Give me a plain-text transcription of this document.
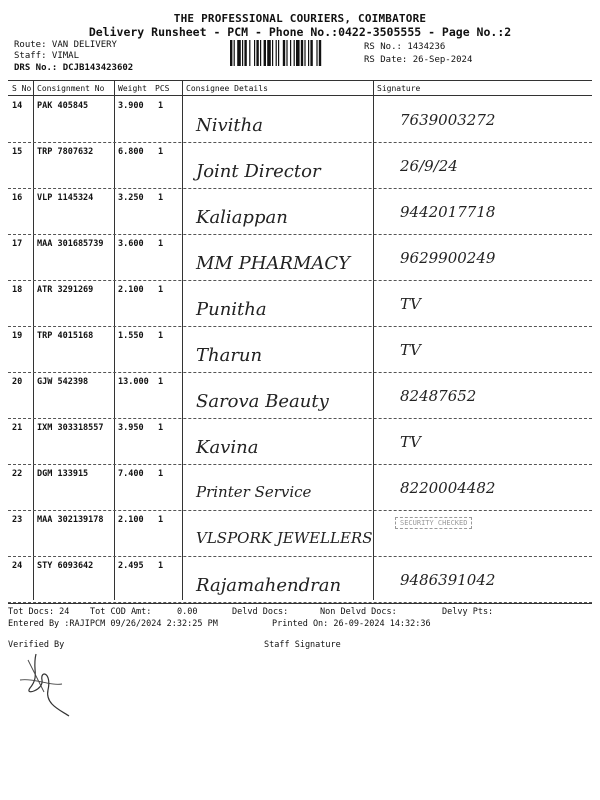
THE PROFESSIONAL COURIERS, COIMBATORE
Delivery Runsheet - PCM - Phone No.:0422-3505555 - Page No.:2
Route: VAN DELIVERY
Staff: VIMAL
DRS No.: DCJB143423602
RS No.: 1434236
RS Date: 26-Sep-2024
S No Consignment No Weight PCS Consignee Details	Signature
14 PAK 405845	3.900 1
Nivitha	7639003272
15 TRP 7807632	6.800 1
Joint Director	26/9/24
16 VLP 1145324	3.250 1
Kaliappan	9442017718
17 MAA 301685739 3.600 1
MM PHARMACY	9629900249
18 ATR 3291269	2.100 1
Punitha	TV
19 TRP 4015168	1.550 1
Tharun	TV
20 GJW 542398	13.000 1
Sarova Beauty	82487652
21 IXM 303318557 3.950 1
Kavina	TV
22 DGM 133915	7.400 1
Printer Service	8220004482
23 MAA 302139178 2.100 1
VLSPORK JEWELLERS
SECURITY CHECKED
24 STY 6093642	2.495 1
Rajamahendran	9486391042
Tot Docs: 24 Tot COD Amt:     0.00	Delvd Docs:	Non Delvd Docs:	Delvy Pts:
Entered By :RAJIPCM 09/26/2024 2:32:25 PM	Printed On: 26-09-2024 14:32:36
Verified By	Staff Signature
